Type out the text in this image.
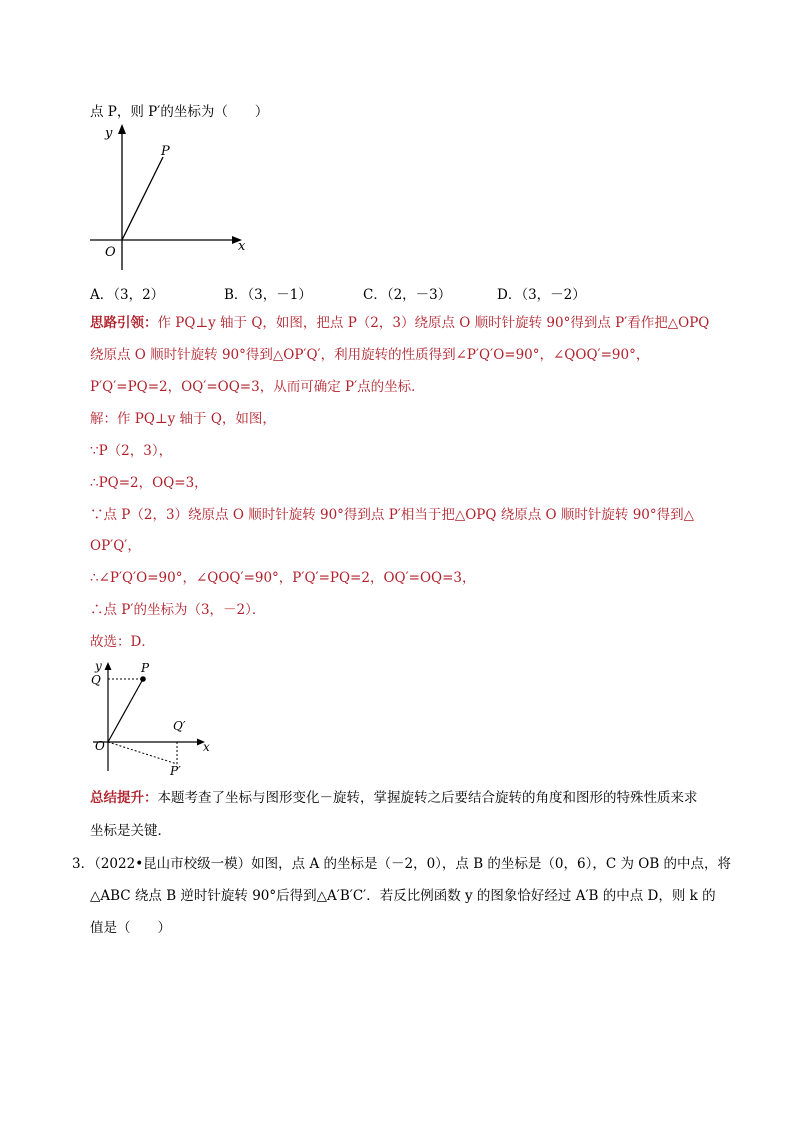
点 P，则 P′的坐标为（　　）
y
x
O
P
A．（3，2）	B．（3，－1）	C．（2，－3）	D．（3，－2）
思路引领：作 PQ⊥y 轴于 Q，如图，把点 P（2，3）绕原点 O 顺时针旋转 90°得到点 P′看作把△OPQ
绕原点 O 顺时针旋转 90°得到△OP′Q′，利用旋转的性质得到∠P′Q′O=90°，∠QOQ′=90°，
P′Q′=PQ=2，OQ′=OQ=3，从而可确定 P′点的坐标．
解：作 PQ⊥y 轴于 Q，如图，
∵P（2，3），
∴PQ=2，OQ=3，
∵点 P（2，3）绕原点 O 顺时针旋转 90°得到点 P′相当于把△OPQ 绕原点 O 顺时针旋转 90°得到△
OP′Q′，
∴∠P′Q′O=90°，∠QOQ′=90°，P′Q′=PQ=2，OQ′=OQ=3，
∴点 P′的坐标为（3，－2）．
故选：D．
y	P
Q
Q′
O	x
P′
总结提升：本题考查了坐标与图形变化－旋转，掌握旋转之后要结合旋转的角度和图形的特殊性质来求
坐标是关键．
3．（2022•昆山市校级一模）如图，点 A 的坐标是（－2，0），点 B 的坐标是（0，6），C 为 OB 的中点，将
△ABC 绕点 B 逆时针旋转 90°后得到△A′B′C′．若反比例函数 y 的图象恰好经过 A′B 的中点 D，则 k 的
值是（　　）
